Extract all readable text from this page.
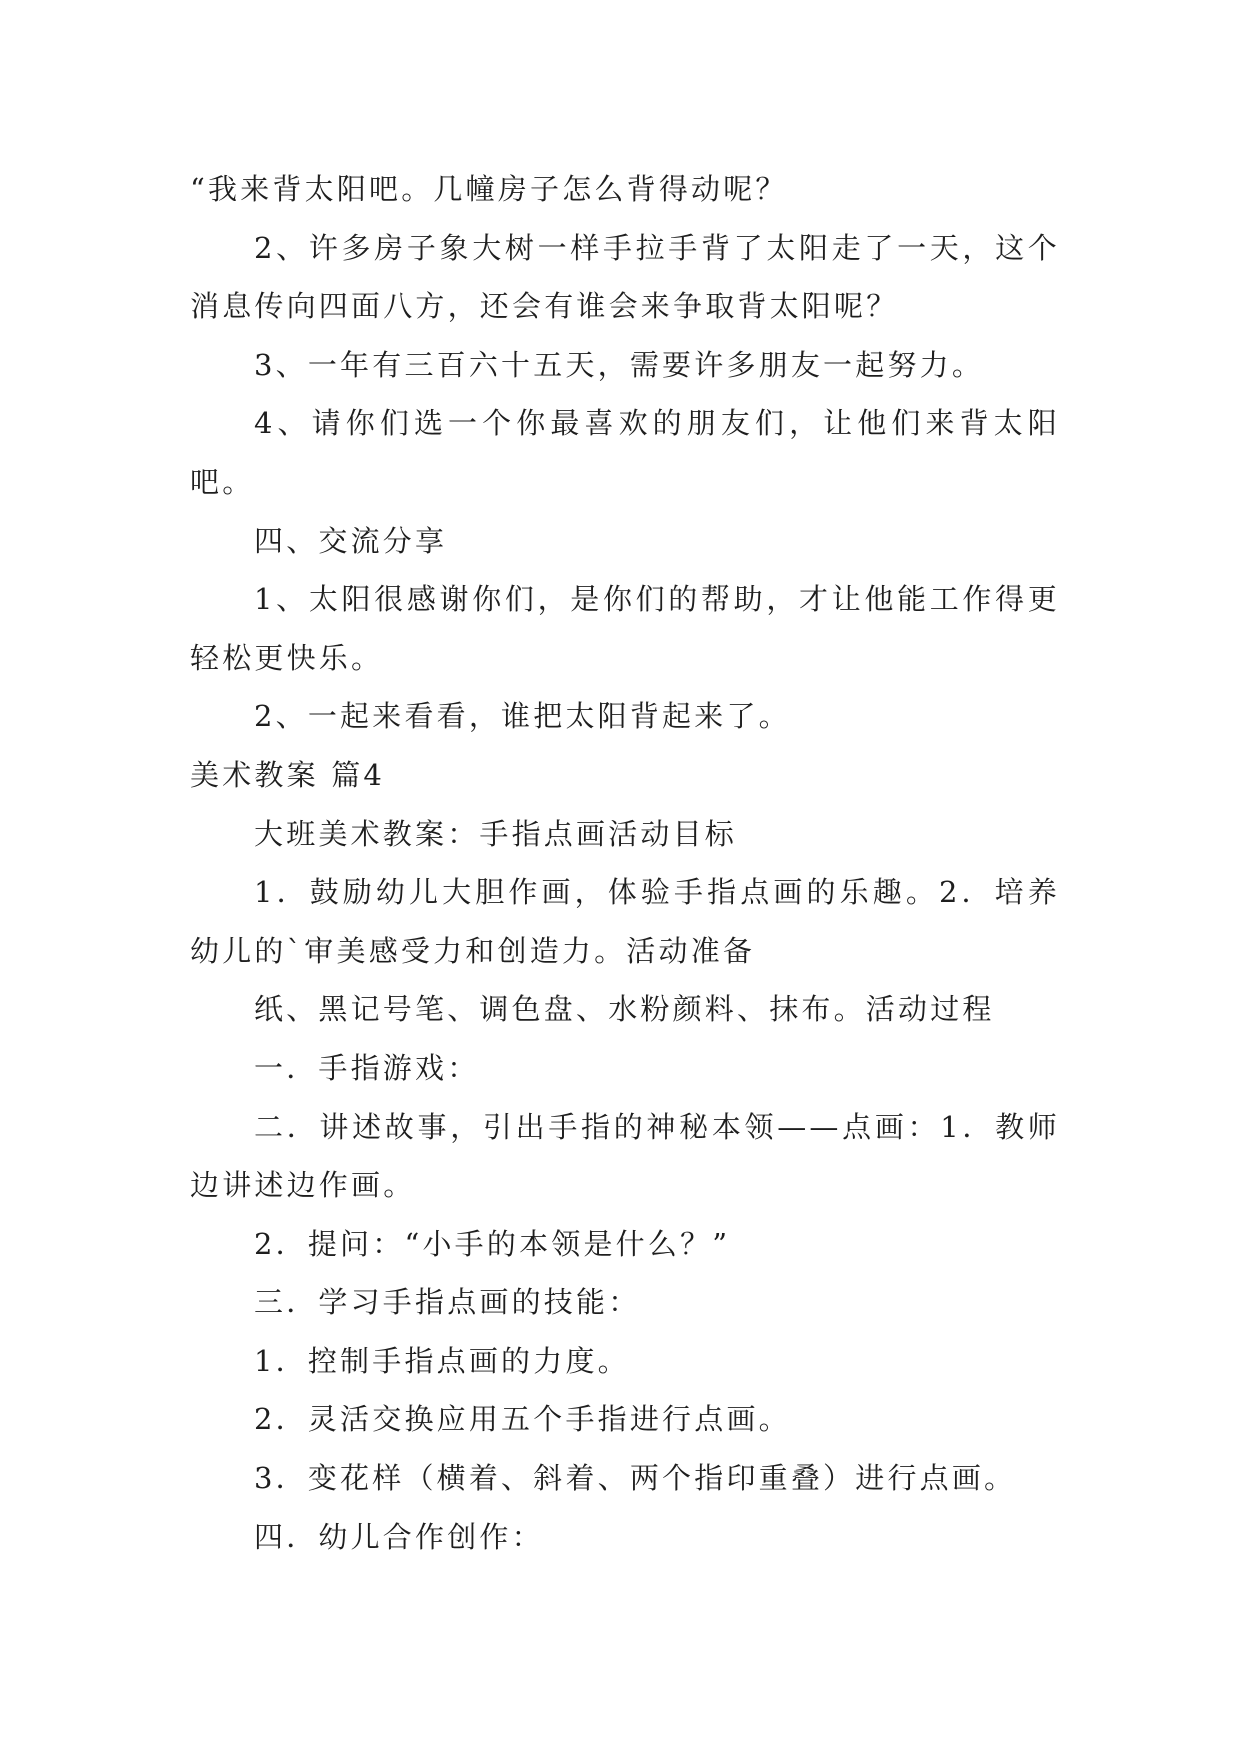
“我来背太阳吧。几幢房子怎么背得动呢？

2、许多房子象大树一样手拉手背了太阳走了一天，这个消息传向四面八方，还会有谁会来争取背太阳呢？

3、一年有三百六十五天，需要许多朋友一起努力。

4、请你们选一个你最喜欢的朋友们，让他们来背太阳吧。

四、交流分享

1、太阳很感谢你们，是你们的帮助，才让他能工作得更轻松更快乐。

2、一起来看看，谁把太阳背起来了。

美术教案 篇4

大班美术教案：手指点画活动目标

1．鼓励幼儿大胆作画，体验手指点画的乐趣。2．培养幼儿的`审美感受力和创造力。活动准备

纸、黑记号笔、调色盘、水粉颜料、抹布。活动过程

一．手指游戏：

二．讲述故事，引出手指的神秘本领——点画：1．教师边讲述边作画。

2．提问：“小手的本领是什么？”

三．学习手指点画的技能：

1．控制手指点画的力度。

2．灵活交换应用五个手指进行点画。

3．变花样（横着、斜着、两个指印重叠）进行点画。

四．幼儿合作创作：
